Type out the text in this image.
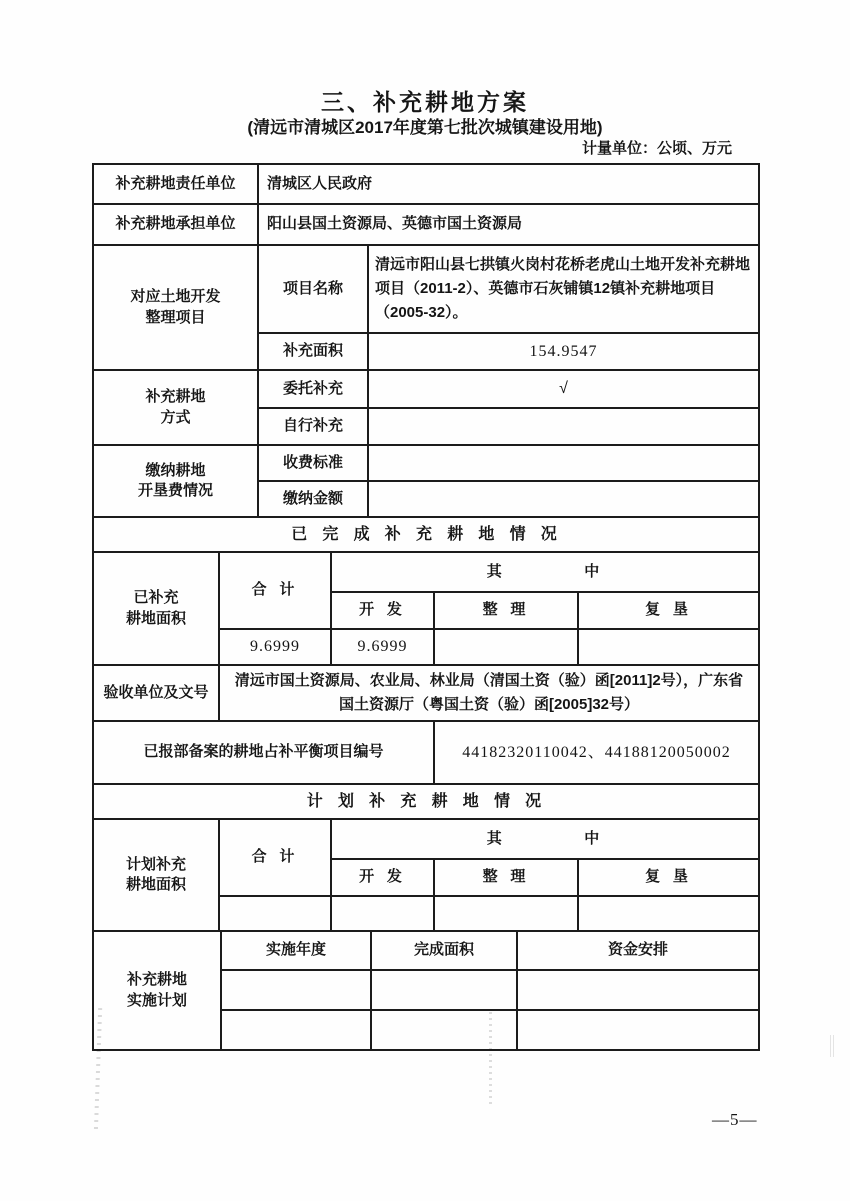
三、补充耕地方案
(清远市清城区2017年度第七批次城镇建设用地)
计量单位：公顷、万元
补充耕地责任单位	清城区人民政府
补充耕地承担单位	阳山县国土资源局、英德市国土资源局
对应土地开发
整理项目	项目名称	清远市阳山县七拱镇火岗村花桥老虎山土地开发补充耕地项目（2011-2）、英德市石灰铺镇12镇补充耕地项目（2005-32）。
	补充面积	154.9547
补充耕地
方式	委托补充	√
	自行补充	
缴纳耕地
开垦费情况	收费标准	
	缴纳金额	
已完成补充耕地情况
已补充
耕地面积	合计	其中		
		开发	整理	复垦
	9.6999	9.6999		
验收单位及文号	清远市国土资源局、农业局、林业局（清国土资（验）函[2011]2号），广东省国土资源厅（粤国土资（验）函[2005]32号）
已报部备案的耕地占补平衡项目编号	44182320110042、44188120050002
计划补充耕地情况
计划补充
耕地面积	合计	其中		
		开发	整理	复垦

补充耕地
实施计划	实施年度	完成面积	资金安排

—5—
